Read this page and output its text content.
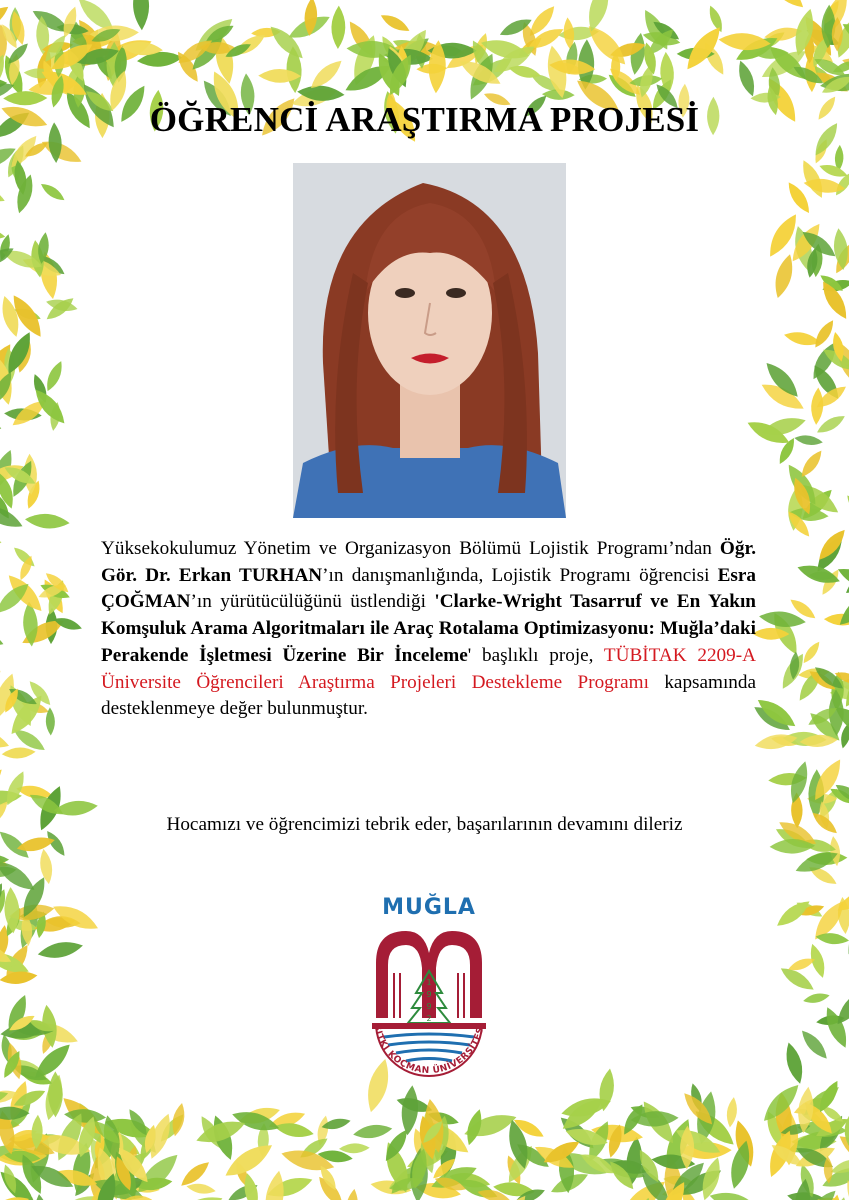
ÖĞRENCİ ARAŞTIRMA PROJESİ
Yüksekokulumuz Yönetim ve Organizasyon Bölümü Lojistik Programı’ndan Öğr. Gör. Dr. Erkan TURHAN’ın danışmanlığında, Lojistik Programı öğrencisi Esra ÇOĞMAN’ın yürütücülüğünü üstlendiği 'Clarke-Wright Tasarruf ve En Yakın Komşuluk Arama Algoritmaları ile Araç Rotalama Optimizasyonu: Muğla’daki Perakende İşletmesi Üzerine Bir İnceleme' başlıklı proje, TÜBİTAK 2209-A Üniversite Öğrencileri Araştırma Projeleri Destekleme Programı kapsamında desteklenmeye değer bulunmuştur.
Hocamızı ve öğrencimizi tebrik eder, başarılarının devamını dileriz
MUĞLA
1
9
9
2
SITKI KOÇMAN ÜNİVERSİTESİ
